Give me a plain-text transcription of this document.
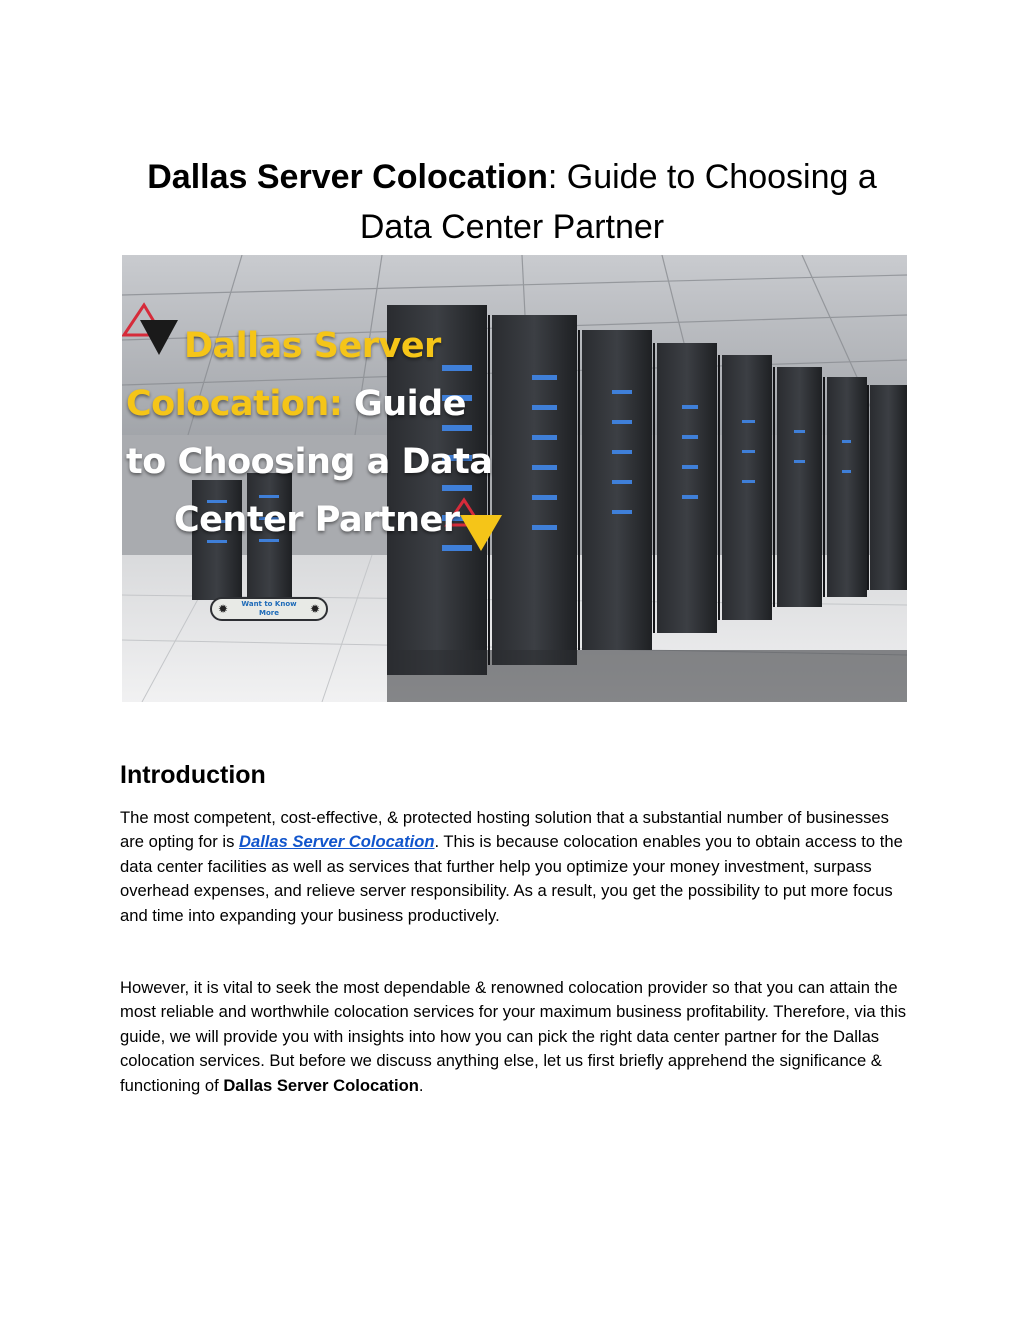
Dallas Server Colocation: Guide to Choosing a
Data Center Partner
Dallas Server
Colocation: Guide
to Choosing a Data
Center Partner
✹	Want to Know More	✹
Introduction

The most competent, cost-effective, & protected hosting solution that a substantial number of businesses are opting for is Dallas Server Colocation. This is because colocation enables you to obtain access to the data center facilities as well as services that further help you optimize your money investment, surpass overhead expenses, and relieve server responsibility. As a result, you get the possibility to put more focus and time into expanding your business productively.

However, it is vital to seek the most dependable & renowned colocation provider so that you can attain the most reliable and worthwhile colocation services for your maximum business profitability. Therefore, via this guide, we will provide you with insights into how you can pick the right data center partner for the Dallas colocation services. But before we discuss anything else, let us first briefly apprehend the significance & functioning of Dallas Server Colocation.
